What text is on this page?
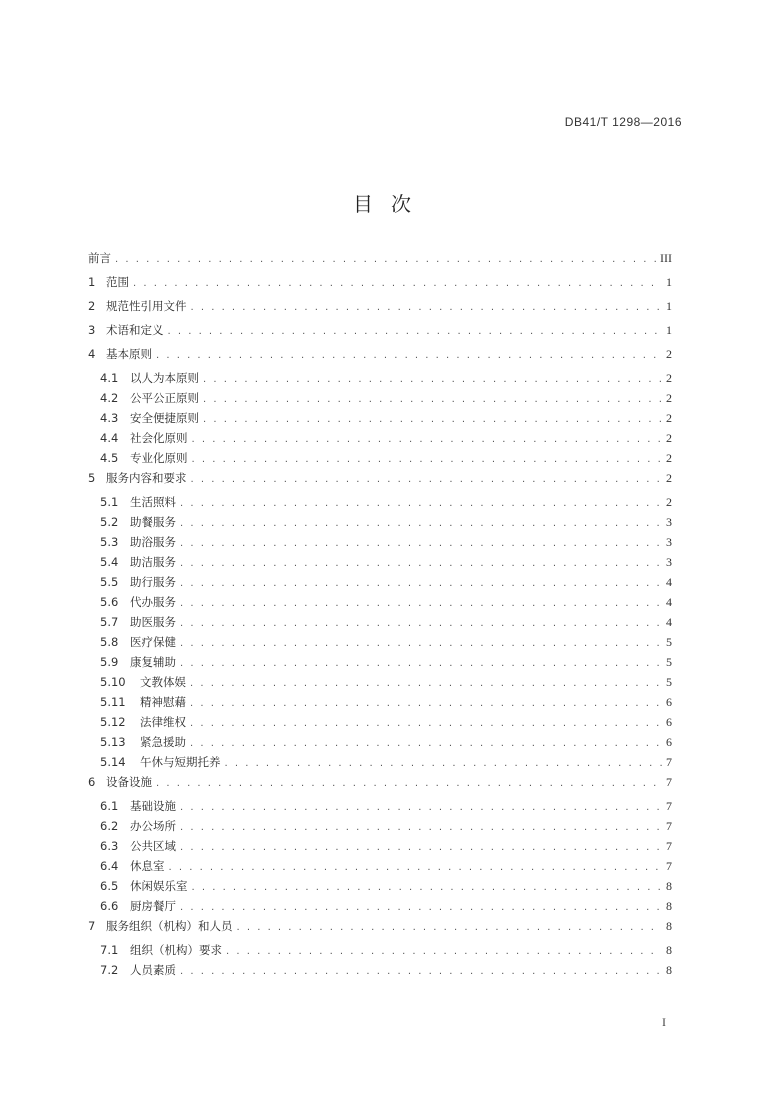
DB41/T 1298—2016
目次
前言 . . .	III
1 范围 . . .	1
2 规范性引用文件 . . .	1
3 术语和定义 . . .	1
4 基本原则 . . .	2
4.1	以人为本原则 . . .	2
4.2	公平公正原则 . . .	2
4.3	安全便捷原则 . . .	2
4.4	社会化原则 . . .	2
4.5	专业化原则 . . .	2
5 服务内容和要求 . . .	2
5.1	生活照料 . . .	2
5.2	助餐服务 . . .	3
5.3	助浴服务 . . .	3
5.4	助洁服务 . . .	3
5.5	助行服务 . . .	4
5.6	代办服务 . . .	4
5.7	助医服务 . . .	4
5.8	医疗保健 . . .	5
5.9	康复辅助 . . .	5
5.10	文教体娱 . . .	5
5.11	精神慰藉 . . .	6
5.12	法律维权 . . .	6
5.13	紧急援助 . . .	6
5.14	午休与短期托养 . . .	7
6 设备设施 . . .	7
6.1	基础设施 . . .	7
6.2	办公场所 . . .	7
6.3	公共区域 . . .	7
6.4	休息室 . . .	7
6.5	休闲娱乐室 . . .	8
6.6	厨房餐厅 . . .	8
7 服务组织（机构）和人员 . . .	8
7.1	组织（机构）要求 . . .	8
7.2	人员素质 . . .	8
I
